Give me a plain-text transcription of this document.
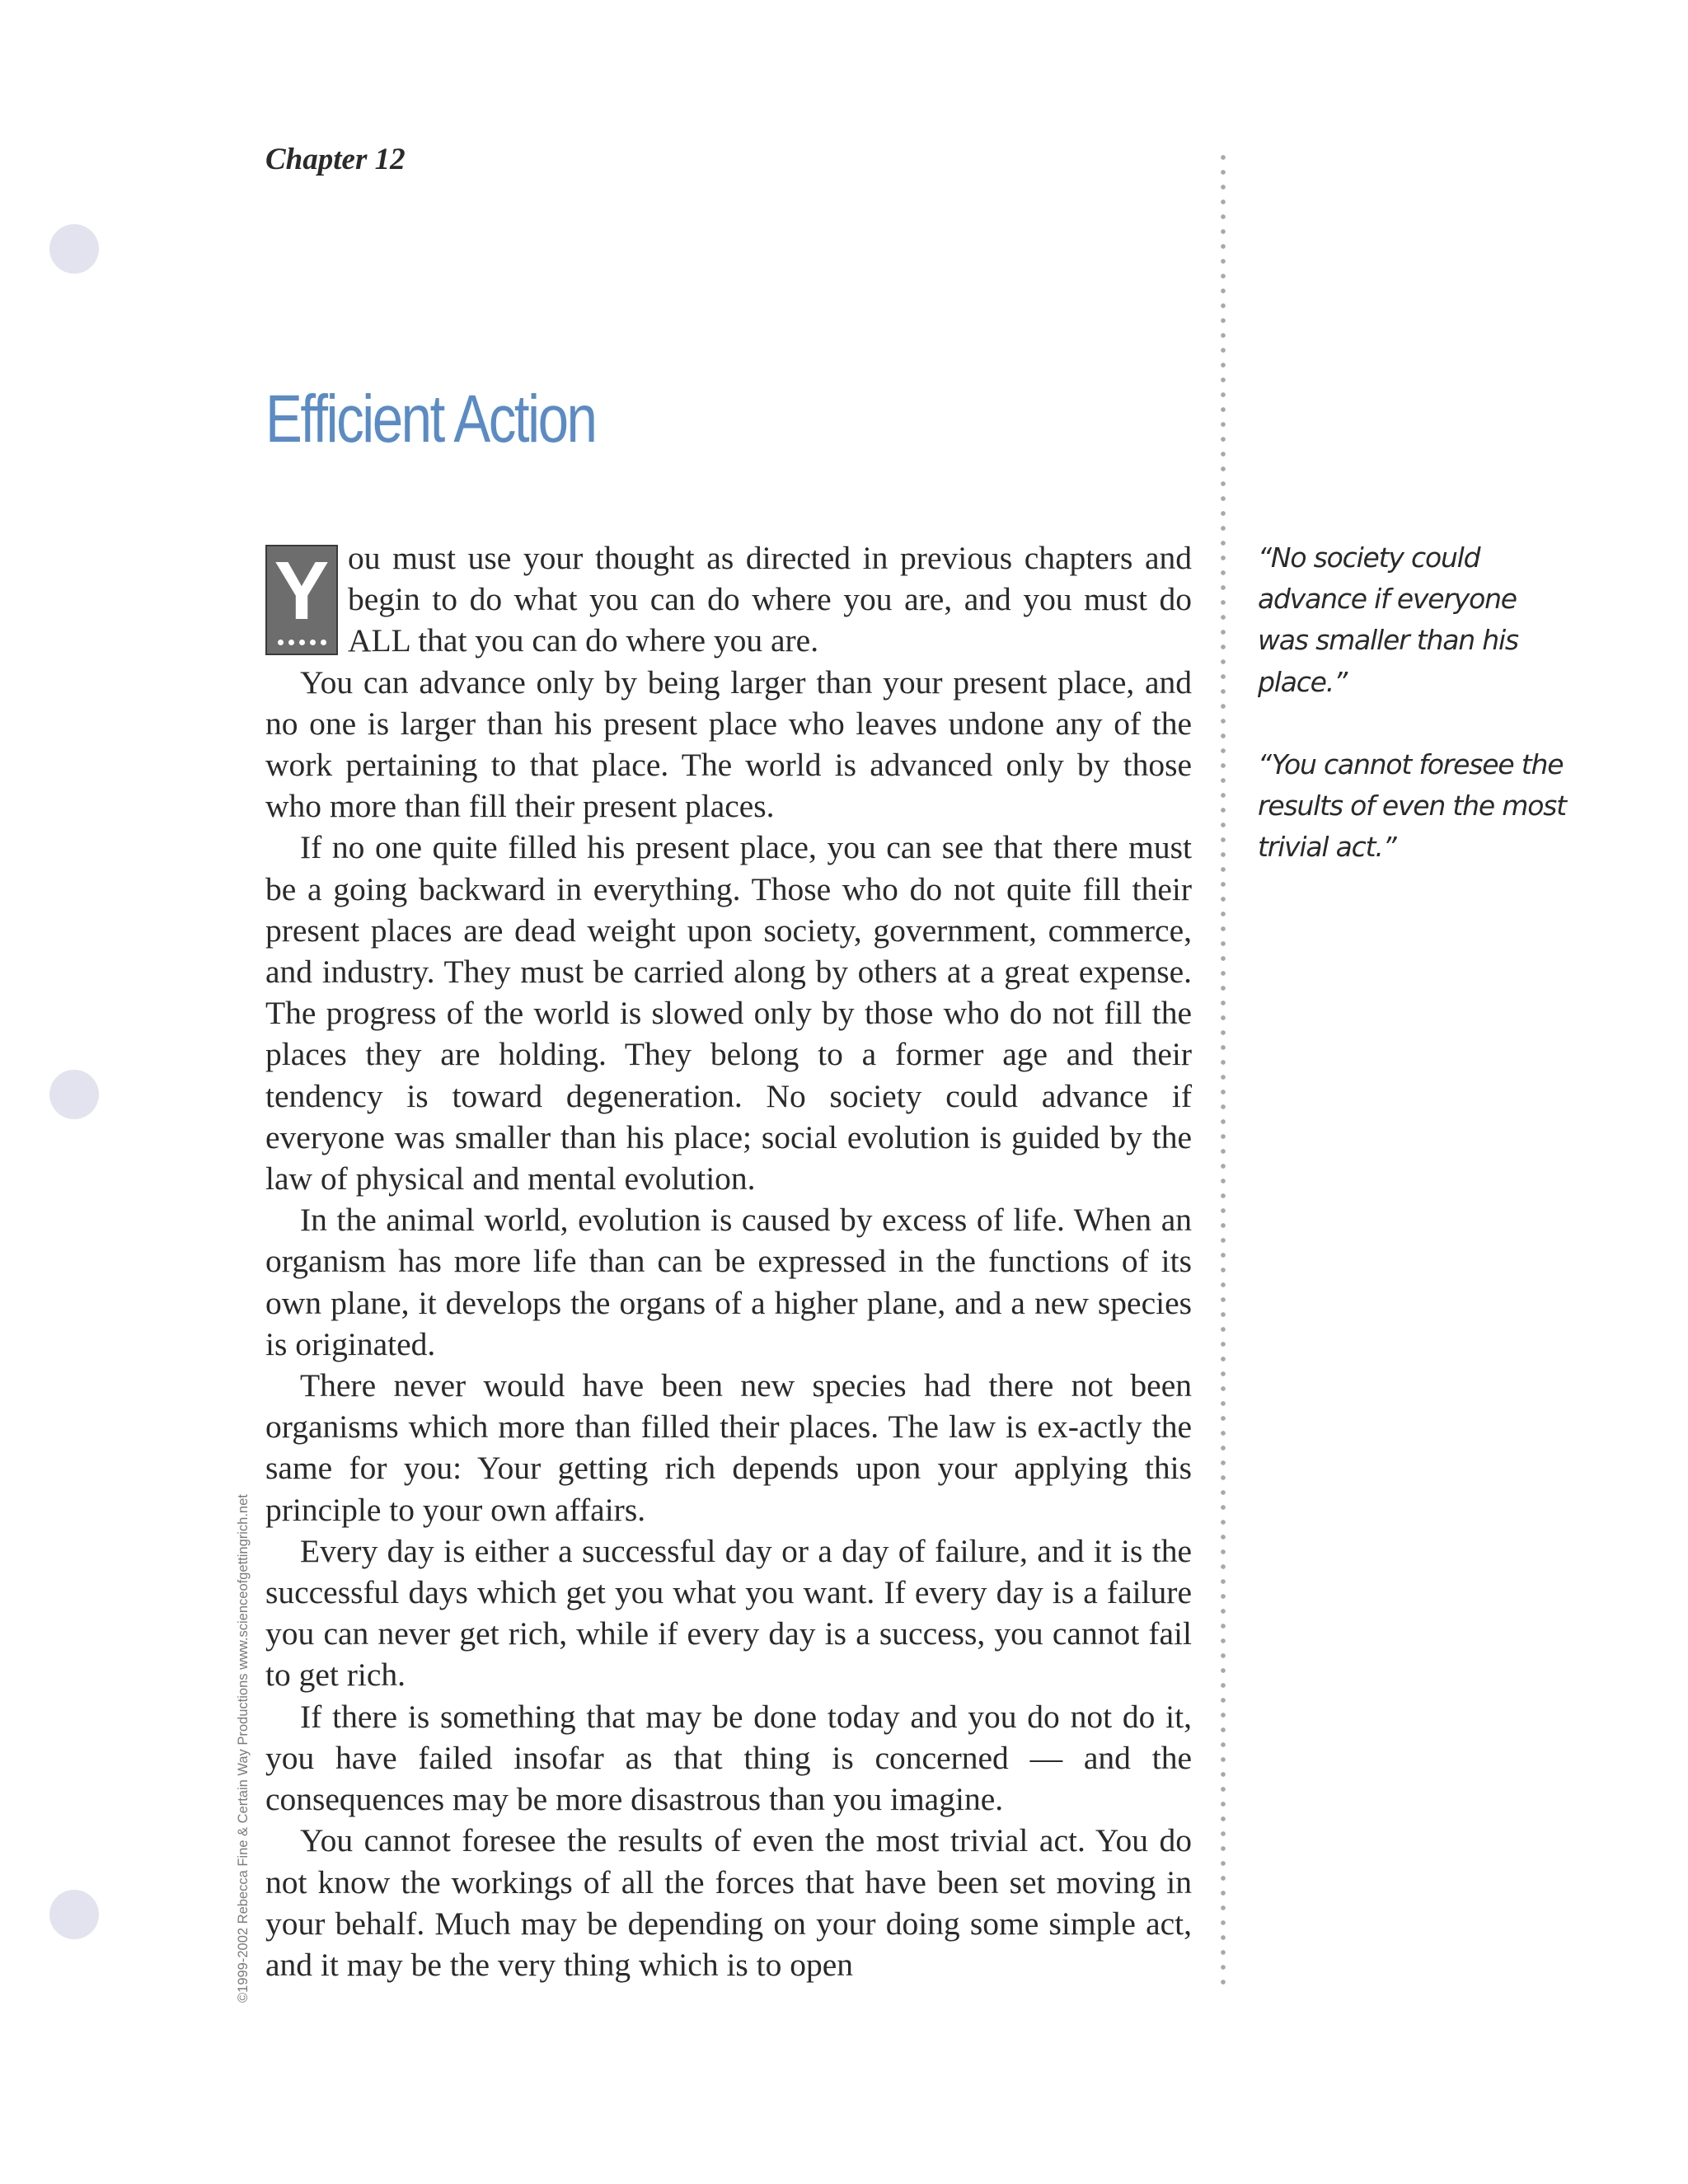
Chapter 12
Efficient Action

Y ou must use your thought as directed in previous chapters and begin to do what you can do where you are, and you must do ALL that you can do where you are.

You can advance only by being larger than your present place, and no one is larger than his present place who leaves undone any of the work pertaining to that place. The world is advanced only by those who more than fill their present places.

If no one quite filled his present place, you can see that there must be a going backward in everything. Those who do not quite fill their present places are dead weight upon society, government, commerce, and industry. They must be carried along by others at a great expense. The progress of the world is slowed only by those who do not fill the places they are holding. They belong to a former age and their tendency is toward degeneration. No society could advance if everyone was smaller than his place; social evolution is guided by the law of physical and mental evolution.

In the animal world, evolution is caused by excess of life. When an organism has more life than can be expressed in the functions of its own plane, it develops the organs of a higher plane, and a new species is originated.

There never would have been new species had there not been organisms which more than filled their places. The law is ex-actly the same for you: Your getting rich depends upon your applying this principle to your own affairs.

Every day is either a successful day or a day of failure, and it is the successful days which get you what you want. If every day is a failure you can never get rich, while if every day is a success, you cannot fail to get rich.

If there is something that may be done today and you do not do it, you have failed insofar as that thing is concerned — and the consequences may be more disastrous than you imagine.

You cannot foresee the results of even the most trivial act. You do not know the workings of all the forces that have been set moving in your behalf. Much may be depending on your doing some simple act, and it may be the very thing which is to open

“No society could advance if everyone was smaller than his place.”

“You cannot foresee the results of even the most trivial act.”

©1999-2002 Rebecca Fine & Certain Way Productions www.scienceofgettingrich.net
